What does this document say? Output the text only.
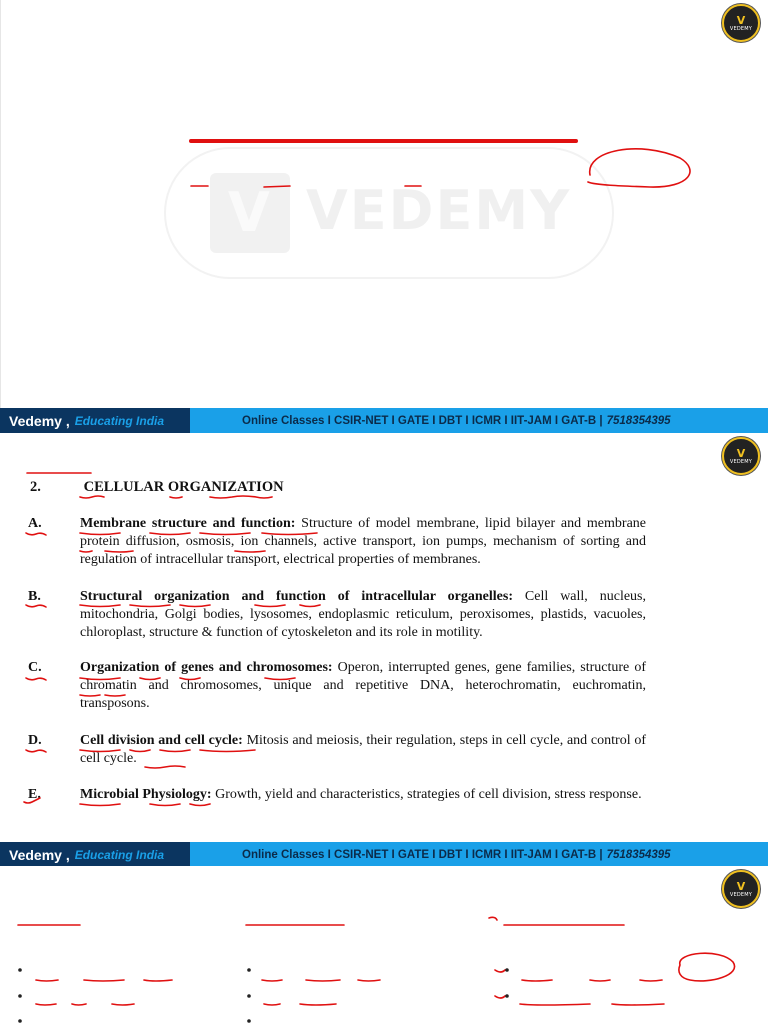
V
VEDEMY
V VEDEMY
Vedemy , Educating India	Online Classes I CSIR-NET I GATE I DBT I ICMR I IIT-JAM I GAT-B | 7518354395
V
VEDEMY
2.	CELLULAR ORGANIZATION
A.	Membrane structure and function: Structure of model membrane, lipid bilayer and membrane protein diffusion, osmosis, ion channels, active transport, ion pumps, mechanism of sorting and regulation of intracellular transport, electrical properties of membranes.
B.	Structural organization and function of intracellular organelles: Cell wall, nucleus, mitochondria, Golgi bodies, lysosomes, endoplasmic reticulum, peroxisomes, plastids, vacuoles, chloroplast, structure & function of cytoskeleton and its role in motility.
C.	Organization of genes and chromosomes: Operon, interrupted genes, gene families, structure of chromatin and chromosomes, unique and repetitive DNA, heterochromatin, euchromatin, transposons.
D.	Cell division and cell cycle: Mitosis and meiosis, their regulation, steps in cell cycle, and control of cell cycle.
E.	Microbial Physiology: Growth, yield and characteristics, strategies of cell division, stress response.
Vedemy , Educating India	Online Classes I CSIR-NET I GATE I DBT I ICMR I IIT-JAM I GAT-B | 7518354395
V
VEDEMY
